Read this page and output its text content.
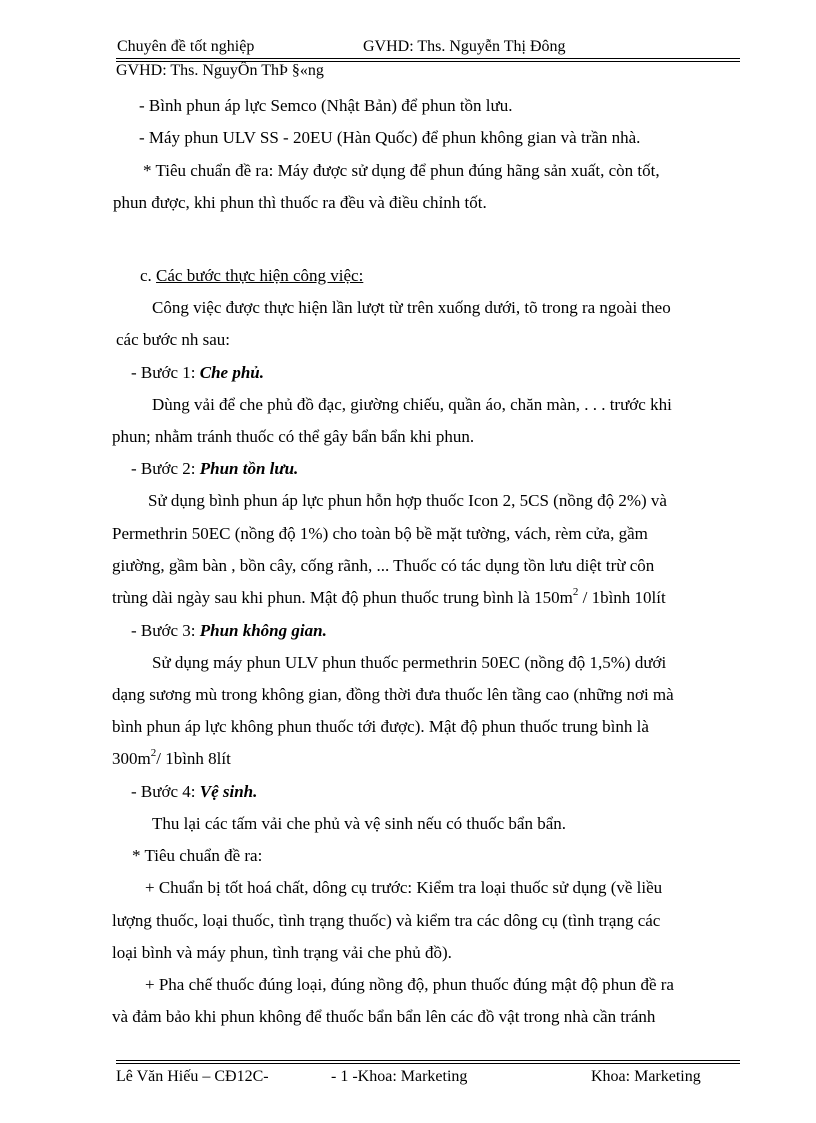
Chuyên đề tốt nghiệp	GVHD: Ths. Nguyễn Thị Đông
GVHD: Ths. NguyÔn ThÞ §«ng
- Bình phun áp lực Semco (Nhật Bản) để phun tồn lưu.
- Máy phun ULV SS - 20EU (Hàn Quốc) để phun không gian và trần nhà.
* Tiêu chuẩn đề ra: Máy được sử dụng để phun đúng hãng sản xuất, còn tốt,
phun được, khi phun thì thuốc ra đều và điều chỉnh tốt.
c. Các bước thực hiện công việc:
Công việc được thực hiện lần lượt từ trên xuống dưới, tõ trong ra ngoài theo
các bước nh sau:
- Bước 1: Che phủ.
Dùng vải để che phủ đồ đạc, giường chiếu, quần áo, chăn màn, . . . trước khi
phun; nhằm tránh thuốc có thể gây bẩn bẩn khi phun.
- Bước 2: Phun tồn lưu.
Sử dụng bình phun áp lực phun hỗn hợp thuốc Icon 2, 5CS (nồng độ 2%) và
Permethrin 50EC (nồng độ 1%) cho toàn bộ bề mặt tường, vách, rèm cửa, gầm
giường, gầm bàn , bồn cây, cống rãnh, ... Thuốc có tác dụng tồn lưu diệt trừ côn
trùng dài ngày sau khi phun. Mật độ phun thuốc trung bình là $150m^2$ / 1bình 10lít
- Bước 3: Phun không gian.
Sử dụng máy phun ULV phun thuốc permethrin 50EC (nồng độ 1,5%) dưới
dạng sương mù trong không gian, đồng thời đưa thuốc lên tầng cao (những nơi mà
bình phun áp lực không phun thuốc tới được). Mật độ phun thuốc trung bình là
$300m^2/$ 1bình 8lít
- Bước 4: Vệ sinh.
Thu lại các tấm vải che phủ và vệ sinh nếu có thuốc bẩn bẩn.
* Tiêu chuẩn đề ra:
+ Chuẩn bị tốt hoá chất, dông cụ trước: Kiểm tra loại thuốc sử dụng (về liều
lượng thuốc, loại thuốc, tình trạng thuốc) và kiểm tra các dông cụ (tình trạng các
loại bình và máy phun, tình trạng vải che phủ đồ).
+ Pha chế thuốc đúng loại, đúng nồng độ, phun thuốc đúng mật độ phun đề ra
và đảm bảo khi phun không để thuốc bẩn bẩn lên các đồ vật trong nhà cần tránh
Lê Văn Hiếu – CĐ12C-	- 1 -Khoa: Marketing	Khoa: Marketing
